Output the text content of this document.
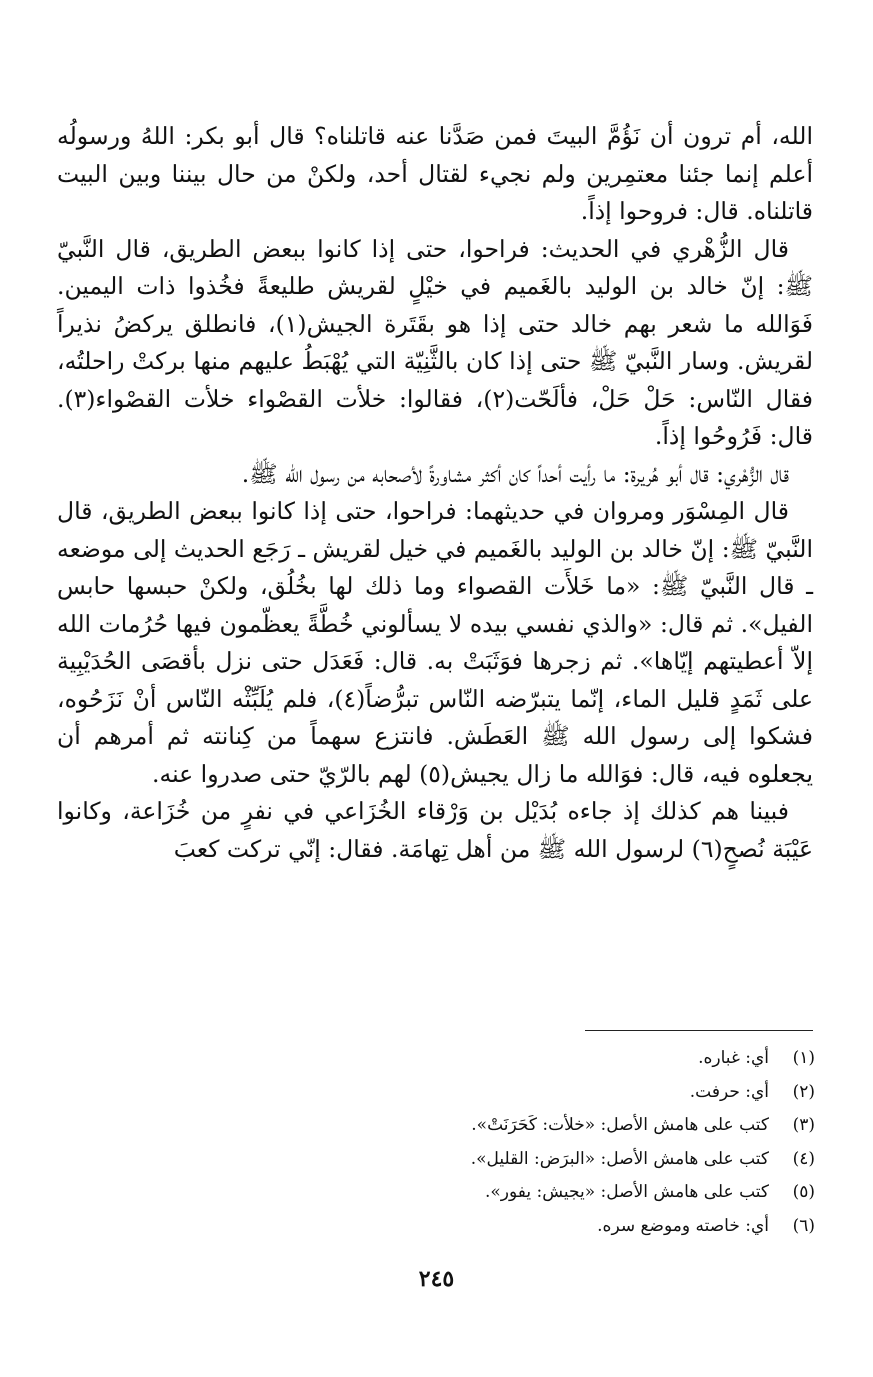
الله، أم ترون أن نَؤُمَّ البيتَ فمن صَدَّنا عنه قاتلناه؟ قال أبو بكر: اللهُ ورسولُه أعلم إنما جئنا معتمِرين ولم نجيء لقتال أحد، ولكنْ من حال بيننا وبين البيت قاتلناه. قال: فروحوا إذاً.

قال الزُّهْري في الحديث: فراحوا، حتى إذا كانوا ببعض الطريق، قال النَّبيّ ﷺ: إنّ خالد بن الوليد بالغَميم في خيْلٍ لقريش طليعةً فخُذوا ذات اليمين. فَوَالله ما شعر بهم خالد حتى إذا هو بقَتَرة الجيش(١)، فانطلق يركضُ نذيراً لقريش. وسار النَّبيّ ﷺ حتى إذا كان بالثَّنِيّة التي يُهْبَطُ عليهم منها بركتْ راحلتُه، فقال النّاس: حَلْ حَلْ، فألَحّت(٢)، فقالوا: خلأت القصْواء خلأت القصْواء(٣). قال: فَرُوحُوا إذاً.

قال الزُّهْري: قال أبو هُريرة: ما رأيت أحداً كان أكثر مشاورةً لأصحابه من رسول الله ﷺ.

قال المِسْوَر ومروان في حديثهما: فراحوا، حتى إذا كانوا ببعض الطريق، قال النَّبيّ ﷺ: إنّ خالد بن الوليد بالغَميم في خيل لقريش ـ رَجَع الحديث إلى موضعه ـ قال النَّبيّ ﷺ: «ما خَلأَت القصواء وما ذلك لها بخُلُق، ولكنْ حبسها حابس الفيل». ثم قال: «والذي نفسي بيده لا يسألوني خُطَّةً يعظّمون فيها حُرُمات الله إلاّ أعطيتهم إيّاها». ثم زجرها فوَثَبَتْ به. قال: فَعَدَل حتى نزل بأقصَى الحُدَيْبِية على ثَمَدٍ قليل الماء، إنّما يتبرّضه النّاس تبرُّضاً(٤)، فلم يُلَبِّثْه النّاس أنْ نَزَحُوه، فشكوا إلى رسول الله ﷺ العَطَش. فانتزع سهماً من كِنانته ثم أمرهم أن يجعلوه فيه، قال: فوَالله ما زال يجيش(٥) لهم بالرّيّ حتى صدروا عنه.

فبينا هم كذلك إذ جاءه بُدَيْل بن وَرْقاء الخُزَاعي في نفرٍ من خُزَاعة، وكانوا عَيْبَة نُصحٍ(٦) لرسول الله ﷺ من أهل تِهامَة. فقال: إنّي تركت كعبَ

(١)
أي: غباره.
(٢)
أي: حرفت.
(٣)
كتب على هامش الأصل: «خلأت: كَحَرَنَتْ».
(٤)
كتب على هامش الأصل: «البرَض: القليل».
(٥)
كتب على هامش الأصل: «يجيش: يفور».
(٦)
أي: خاصته وموضع سره.
٢٤٥
